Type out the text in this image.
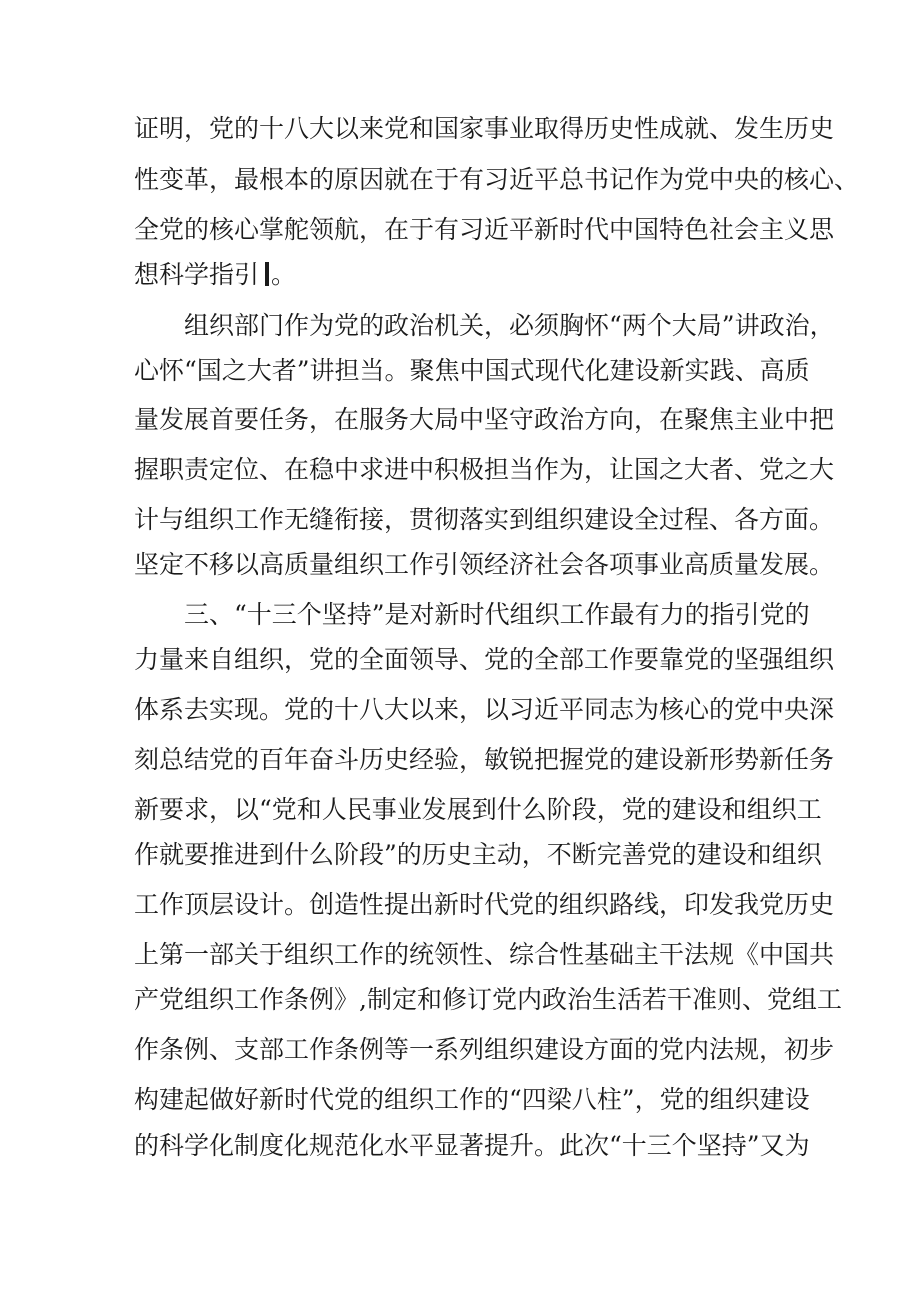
证明，党的十八大以来党和国家事业取得历史性成就、发生历史
性变革，最根本的原因就在于有习近平总书记作为党中央的核心、
全党的核心掌舵领航，在于有习近平新时代中国特色社会主义思
想科学指引 。
组织部门作为党的政治机关，必须胸怀“两个大局”讲政治，
心怀“国之大者”讲担当。聚焦中国式现代化建设新实践、高质
量发展首要任务，在服务大局中坚守政治方向，在聚焦主业中把
握职责定位、在稳中求进中积极担当作为，让国之大者、党之大
计与组织工作无缝衔接，贯彻落实到组织建设全过程、各方面。
坚定不移以高质量组织工作引领经济社会各项事业高质量发展。
三、“十三个坚持”是对新时代组织工作最有力的指引党的
力量来自组织，党的全面领导、党的全部工作要靠党的坚强组织
体系去实现。党的十八大以来，以习近平同志为核心的党中央深
刻总结党的百年奋斗历史经验，敏锐把握党的建设新形势新任务
新要求，以“党和人民事业发展到什么阶段，党的建设和组织工
作就要推进到什么阶段”的历史主动，不断完善党的建设和组织
工作顶层设计。创造性提出新时代党的组织路线，印发我党历史
上第一部关于组织工作的统领性、综合性基础主干法规《中国共
产党组织工作条例》,制定和修订党内政治生活若干准则、党组工
作条例、支部工作条例等一系列组织建设方面的党内法规，初步
构建起做好新时代党的组织工作的“四梁八柱”，党的组织建设
的科学化制度化规范化水平显著提升。此次“十三个坚持”又为
